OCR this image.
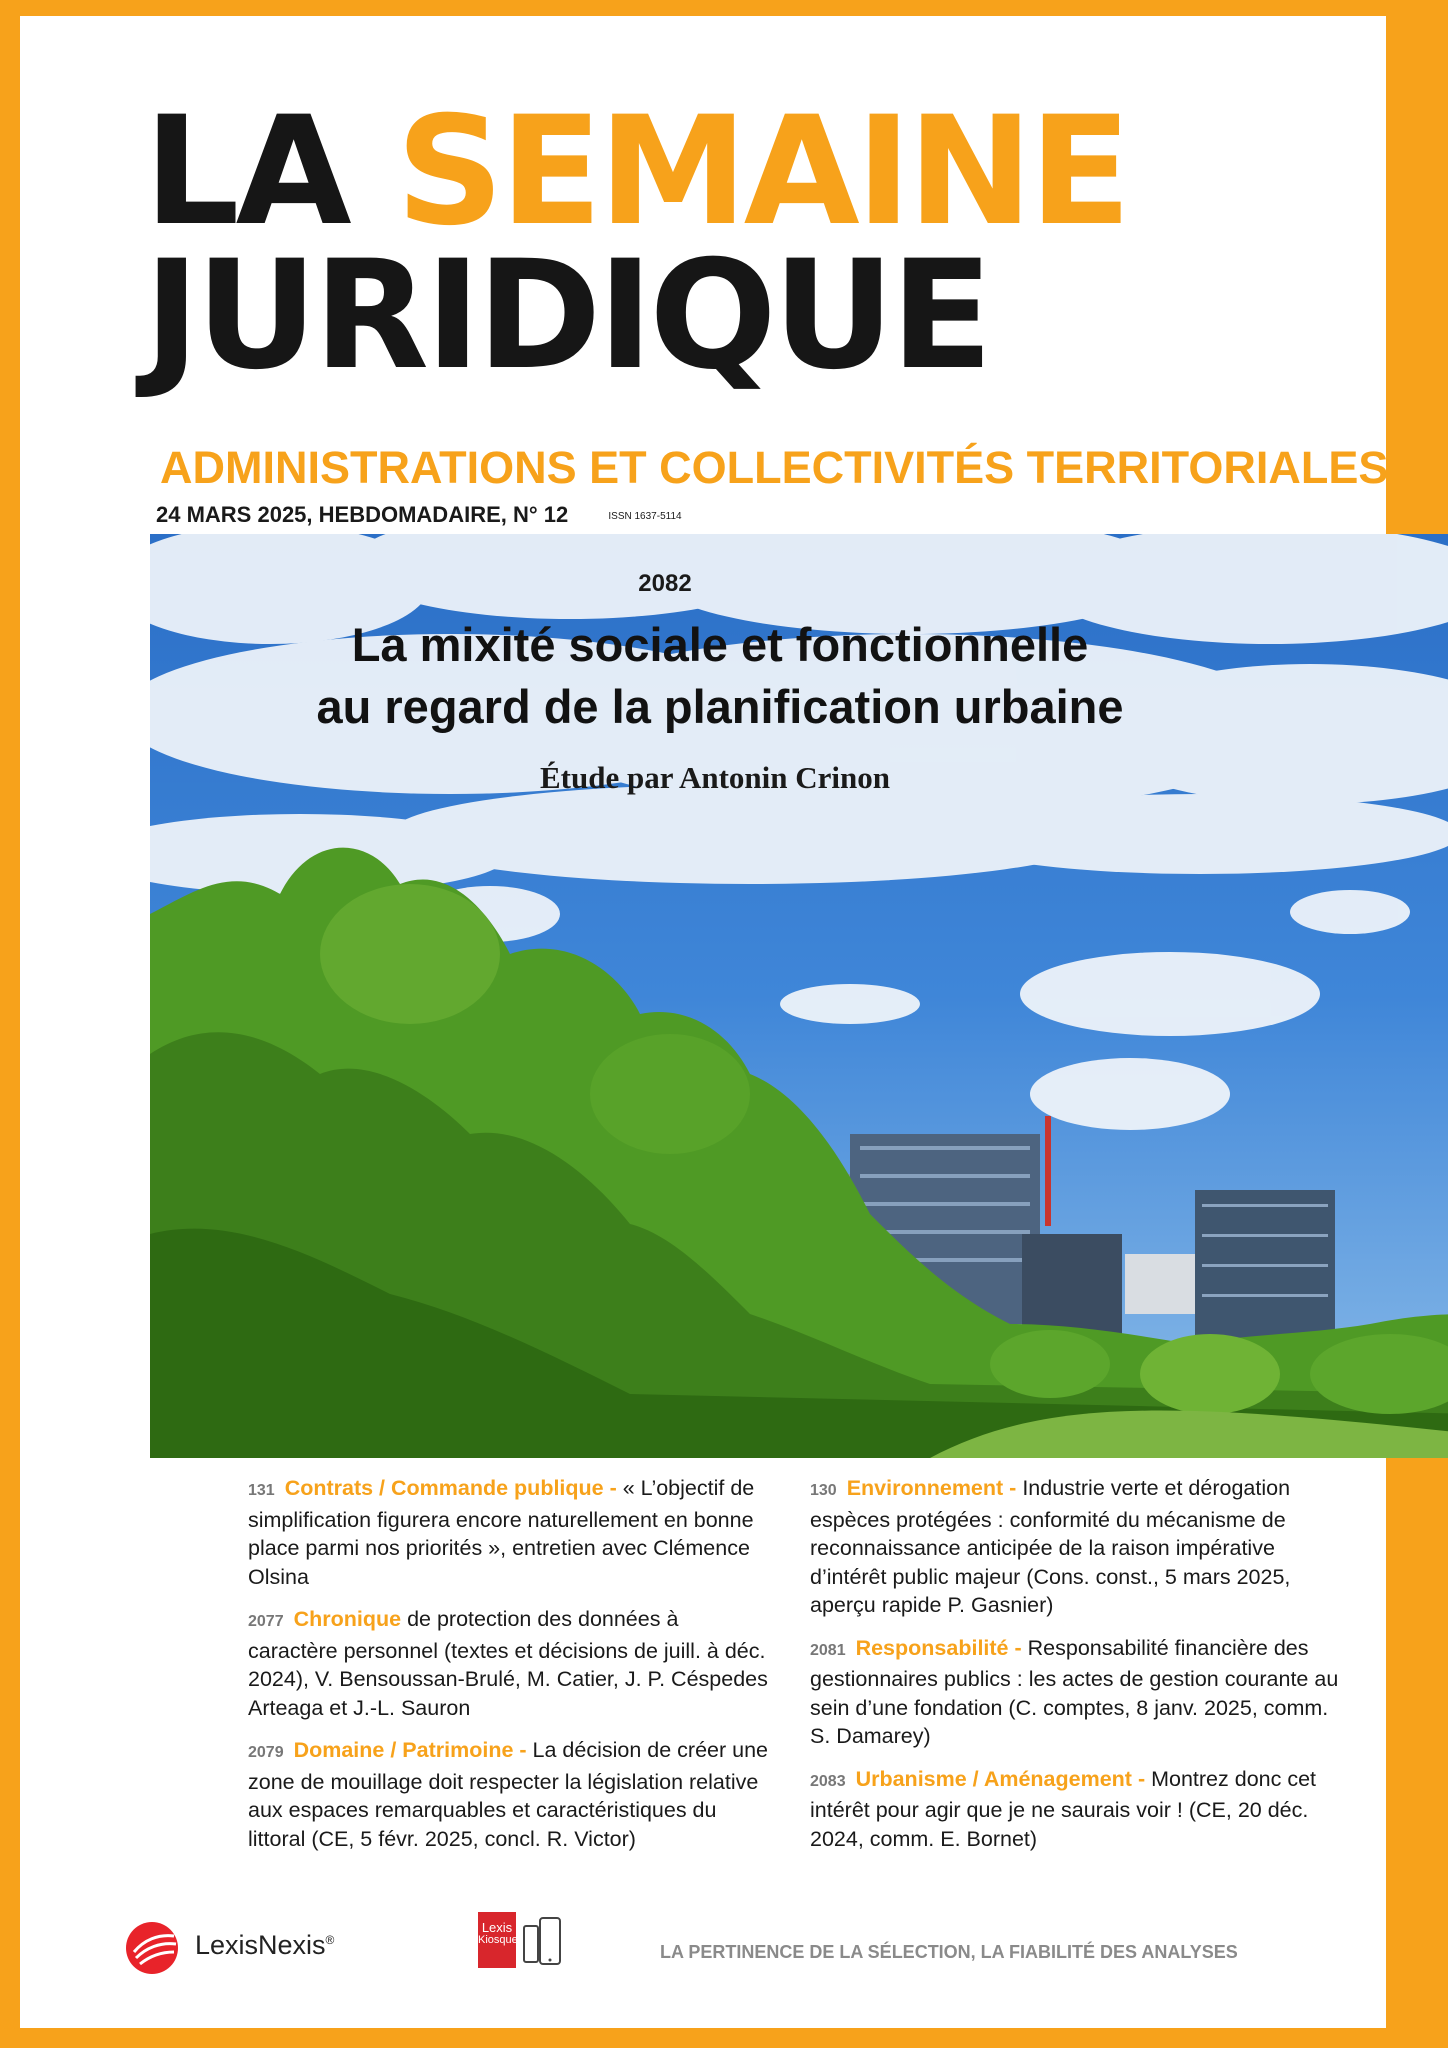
LA SEMAINE
JURIDIQUE
ADMINISTRATIONS ET COLLECTIVITÉS TERRITORIALES
24 MARS 2025, HEBDOMADAIRE, N° 12	ISSN 1637-5114
2082
La mixité sociale et fonctionnelle
au regard de la planification urbaine
Étude par Antonin Crinon
131 Contrats / Commande publique - « L’objectif de simplification figurera encore naturellement en bonne place parmi nos priorités », entretien avec Clémence Olsina
2077 Chronique de protection des données à caractère personnel (textes et décisions de juill. à déc. 2024), V. Bensoussan-Brulé, M. Catier, J. P. Céspedes Arteaga et J.-L. Sauron
2079 Domaine / Patrimoine - La décision de créer une zone de mouillage doit respecter la législation relative aux espaces remarquables et caractéristiques du littoral (CE, 5 févr. 2025, concl. R. Victor)
130 Environnement - Industrie verte et dérogation espèces protégées : conformité du mécanisme de reconnaissance anticipée de la raison impérative d’intérêt public majeur (Cons. const., 5 mars 2025, aperçu rapide P. Gasnier)
2081 Responsabilité - Responsabilité financière des gestionnaires publics : les actes de gestion courante au sein d’une fondation (C. comptes, 8 janv. 2025, comm. S. Damarey)
2083 Urbanisme / Aménagement - Montrez donc cet intérêt pour agir que je ne saurais voir ! (CE, 20 déc. 2024, comm. E. Bornet)
LexisNexis®
Lexis
Kiosque
LA PERTINENCE DE LA SÉLECTION, LA FIABILITÉ DES ANALYSES
